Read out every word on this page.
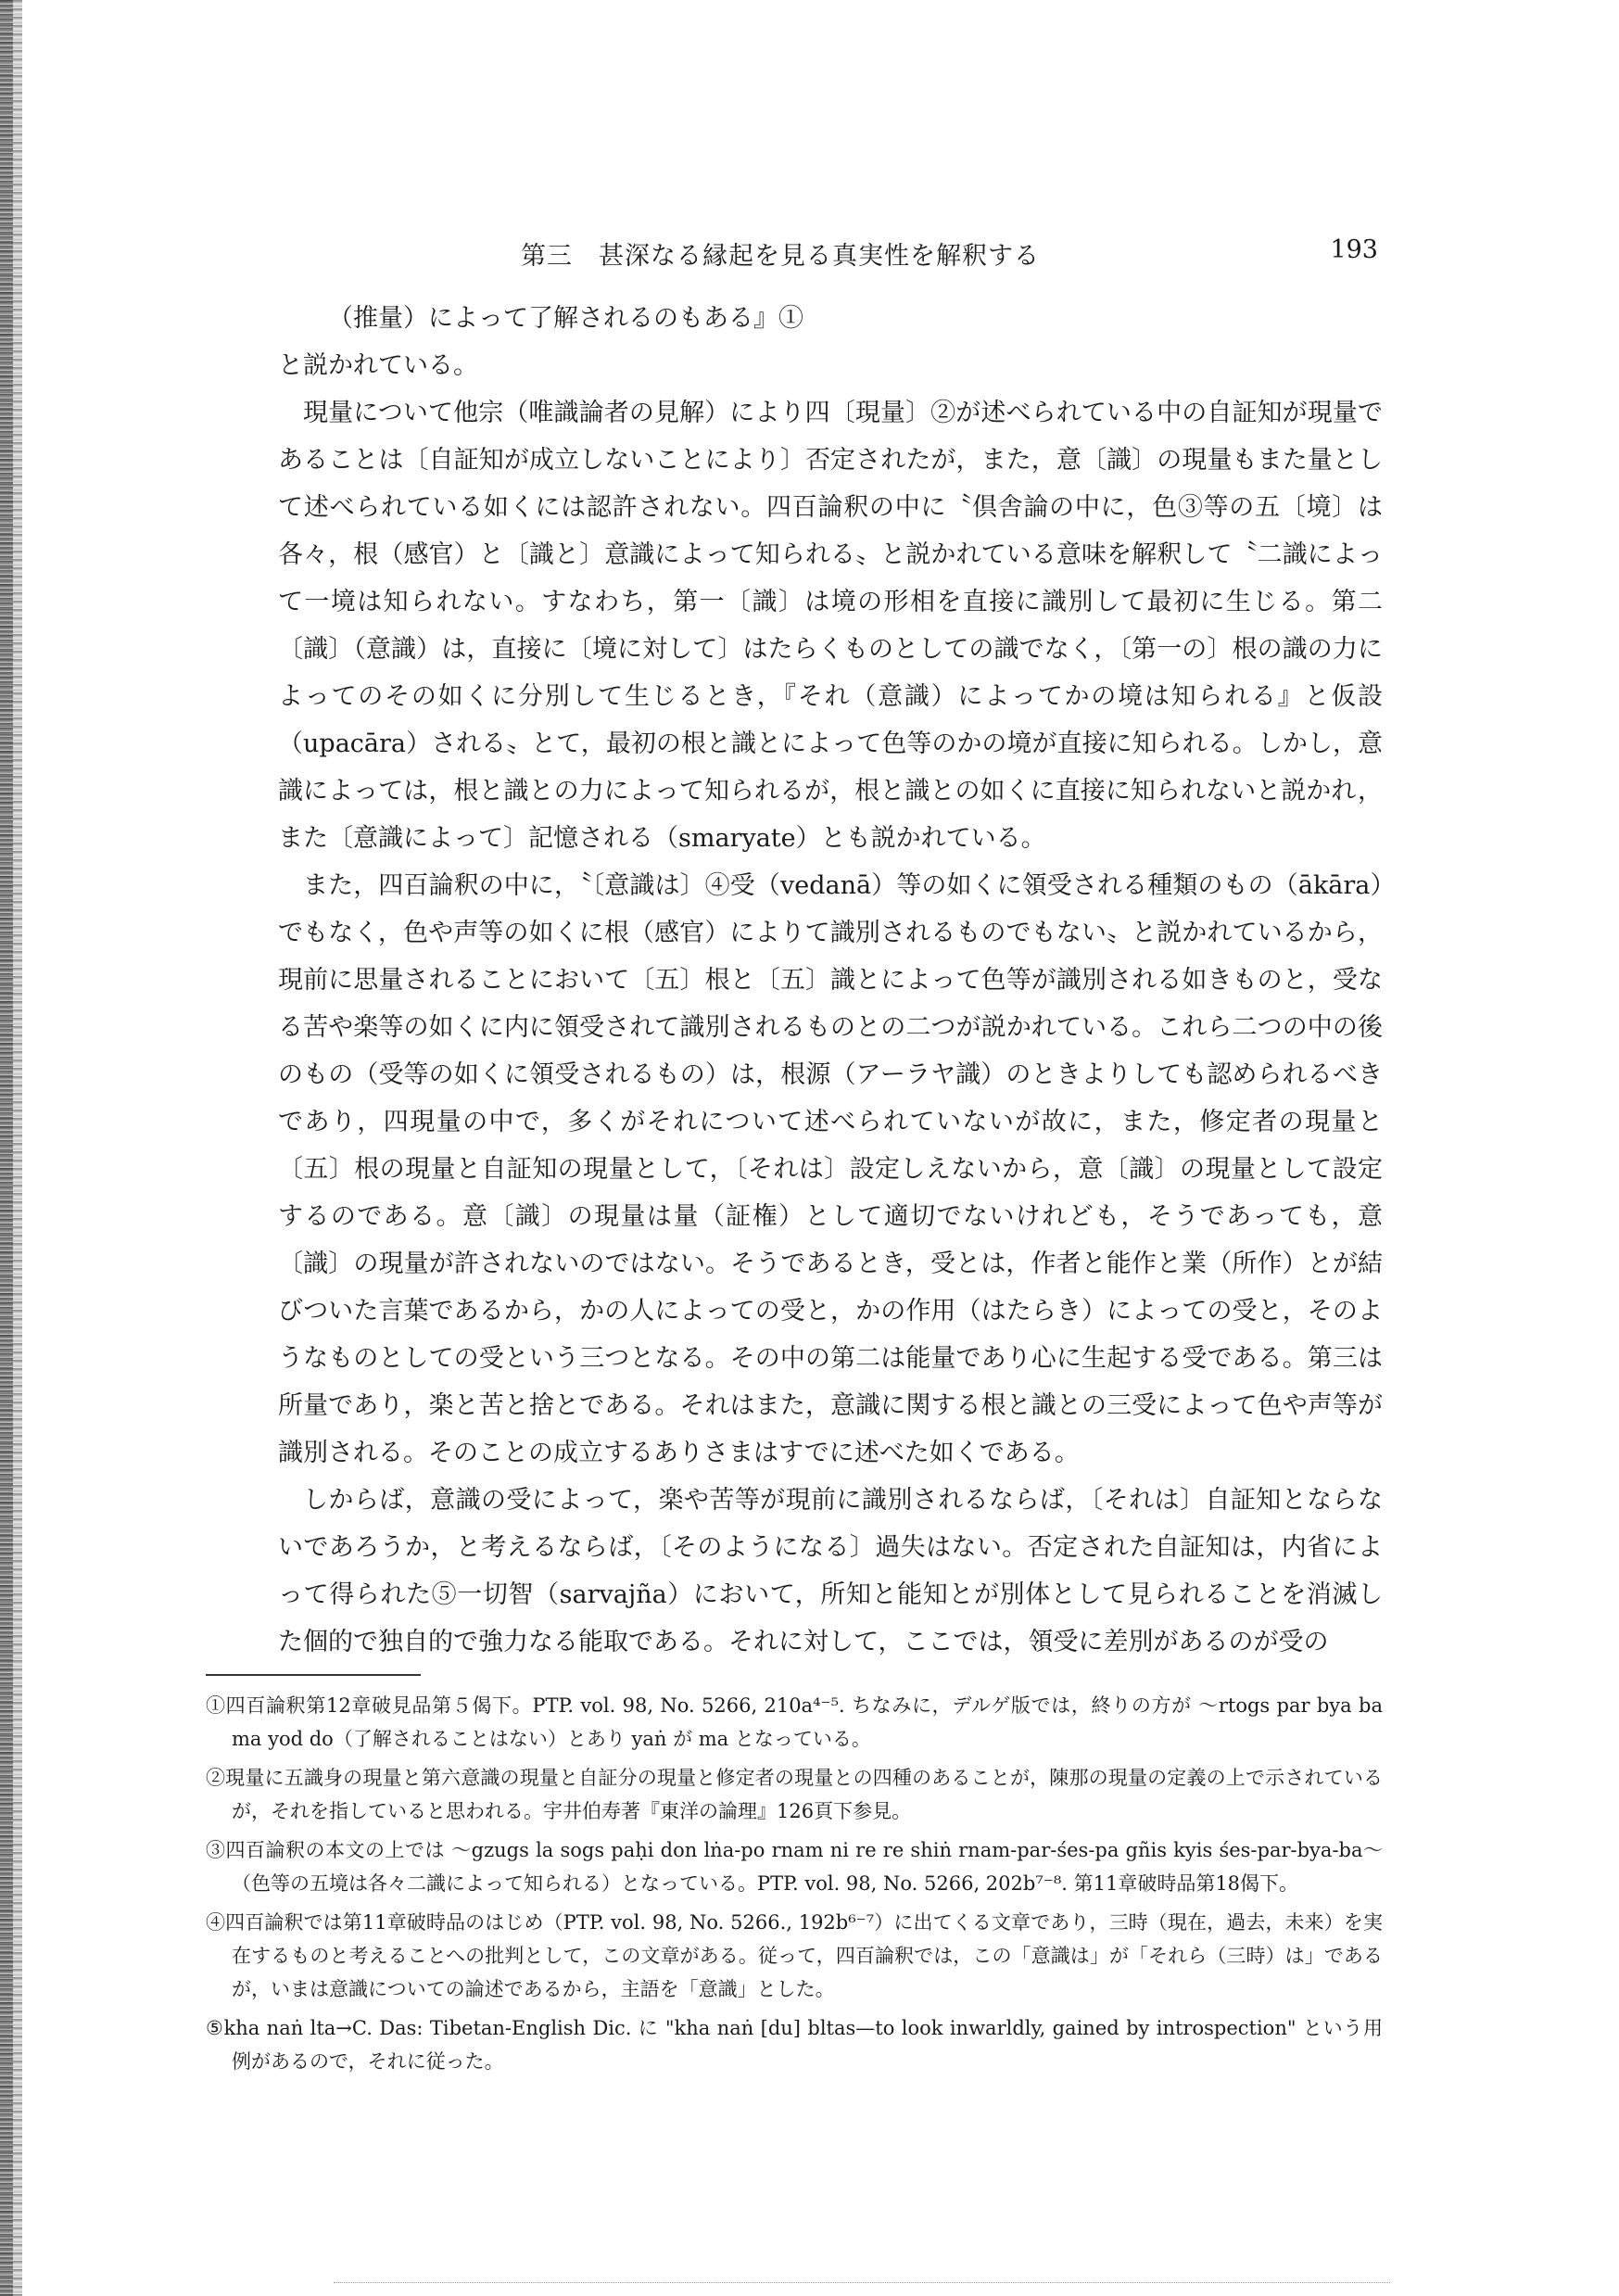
第三　甚深なる縁起を見る真実性を解釈する	193

（推量）によって了解されるのもある』①

と説かれている。

現量について他宗（唯識論者の見解）により四〔現量〕②が述べられている中の自証知が現量であることは〔自証知が成立しないことにより〕否定されたが，また，意〔識〕の現量もまた量として述べられている如くには認許されない。四百論釈の中に〝倶舎論の中に，色③等の五〔境〕は各々，根（感官）と〔識と〕意識によって知られる〟と説かれている意味を解釈して〝二識によって一境は知られない。すなわち，第一〔識〕は境の形相を直接に識別して最初に生じる。第二〔識〕（意識）は，直接に〔境に対して〕はたらくものとしての識でなく，〔第一の〕根の識の力によってのその如くに分別して生じるとき，『それ（意識）によってかの境は知られる』と仮設（upacāra）される〟とて，最初の根と識とによって色等のかの境が直接に知られる。しかし，意識によっては，根と識との力によって知られるが，根と識との如くに直接に知られないと説かれ，また〔意識によって〕記憶される（smaryate）とも説かれている。

また，四百論釈の中に，〝〔意識は〕④受（vedanā）等の如くに領受される種類のもの（ākāra）でもなく，色や声等の如くに根（感官）によりて識別されるものでもない〟と説かれているから，現前に思量されることにおいて〔五〕根と〔五〕識とによって色等が識別される如きものと，受なる苦や楽等の如くに内に領受されて識別されるものとの二つが説かれている。これら二つの中の後のもの（受等の如くに領受されるもの）は，根源（アーラヤ識）のときよりしても認められるべきであり，四現量の中で，多くがそれについて述べられていないが故に，また，修定者の現量と〔五〕根の現量と自証知の現量として，〔それは〕設定しえないから，意〔識〕の現量として設定するのである。意〔識〕の現量は量（証権）として適切でないけれども，そうであっても，意〔識〕の現量が許されないのではない。そうであるとき，受とは，作者と能作と業（所作）とが結びついた言葉であるから，かの人によっての受と，かの作用（はたらき）によっての受と，そのようなものとしての受という三つとなる。その中の第二は能量であり心に生起する受である。第三は所量であり，楽と苦と捨とである。それはまた，意識に関する根と識との三受によって色や声等が識別される。そのことの成立するありさまはすでに述べた如くである。

しからば，意識の受によって，楽や苦等が現前に識別されるならば，〔それは〕自証知とならないであろうか，と考えるならば，〔そのようになる〕過失はない。否定された自証知は，内省によって得られた⑤一切智（sarvajña）において，所知と能知とが別体として見られることを消滅した個的で独自的で強力なる能取である。それに対して，ここでは，領受に差別があるのが受の

①四百論釈第12章破見品第５偈下。PTP. vol. 98, No. 5266, 210a⁴⁻⁵. ちなみに，デルゲ版では，終りの方が ～rtogs par bya ba ma yod do（了解されることはない）とあり yaṅ が ma となっている。

②現量に五識身の現量と第六意識の現量と自証分の現量と修定者の現量との四種のあることが，陳那の現量の定義の上で示されているが，それを指していると思われる。宇井伯寿著『東洋の論理』126頁下参見。

③四百論釈の本文の上では ～gzugs la sogs paḥi don lṅa-po rnam ni re re shiṅ rnam-par-śes-pa gñis kyis śes-par-bya-ba～（色等の五境は各々二識によって知られる）となっている。PTP. vol. 98, No. 5266, 202b⁷⁻⁸. 第11章破時品第18偈下。

④四百論釈では第11章破時品のはじめ（PTP. vol. 98, No. 5266., 192b⁶⁻⁷）に出てくる文章であり，三時（現在，過去，未来）を実在するものと考えることへの批判として，この文章がある。従って，四百論釈では，この「意識は」が「それら（三時）は」であるが，いまは意識についての論述であるから，主語を「意識」とした。

⑤kha naṅ lta→C. Das: Tibetan-English Dic. に "kha naṅ [du] bltas—to look inwarldly, gained by introspection" という用例があるので，それに従った。
